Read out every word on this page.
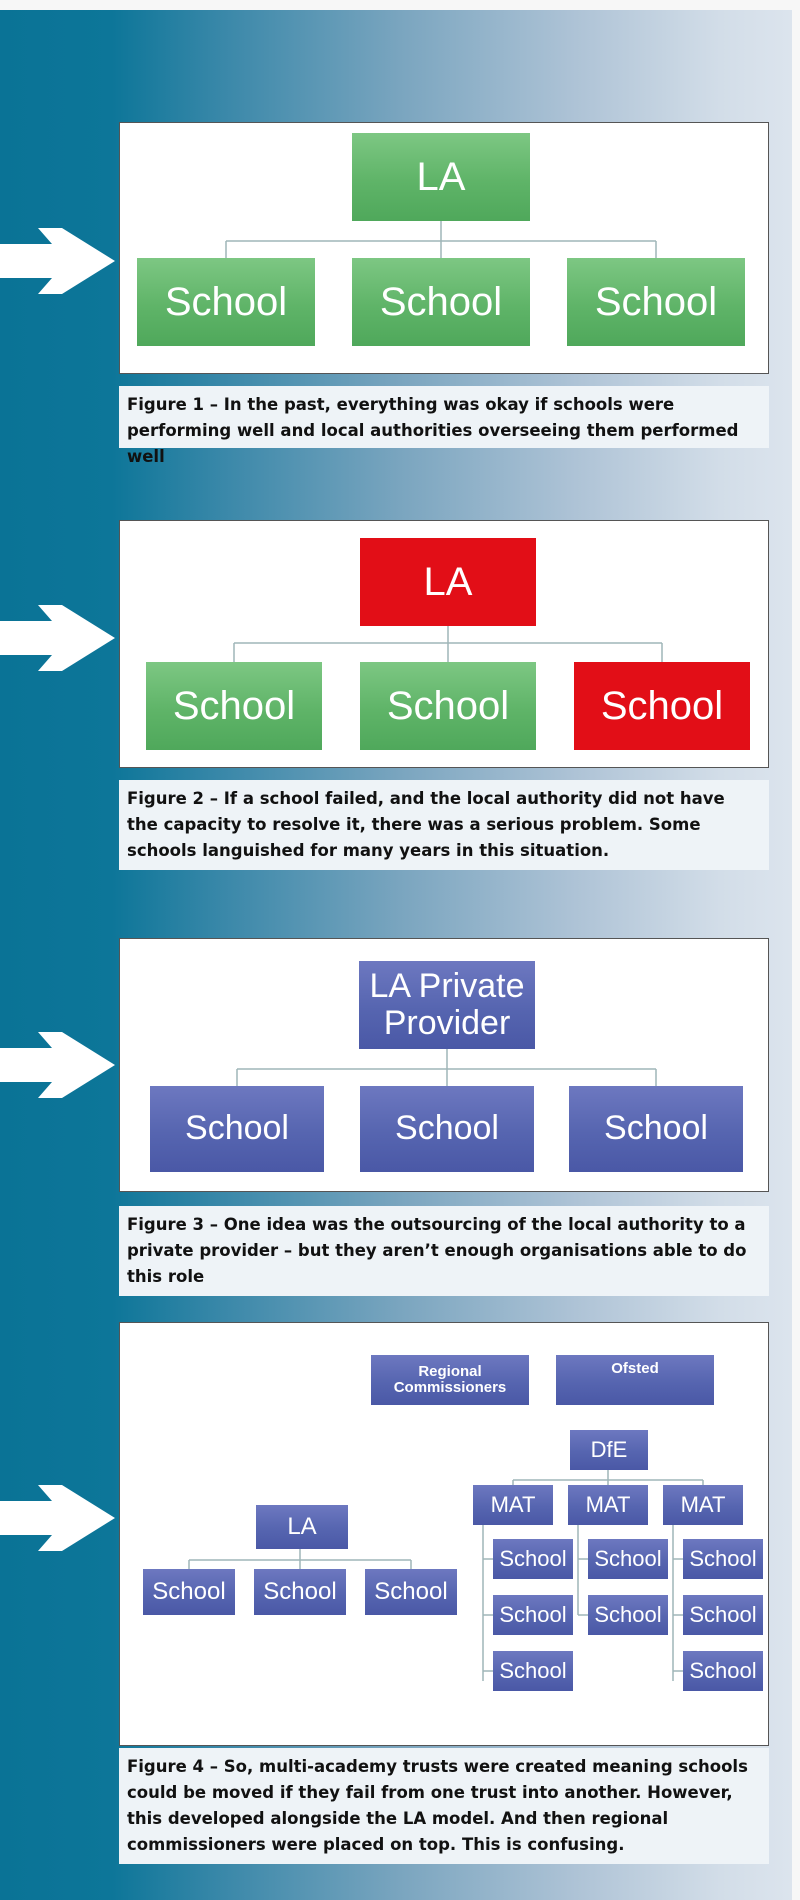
LA
School	School	School
Figure 1 – In the past, everything was okay if schools were performing well and local authorities overseeing them performed well
LA
School	School	School
Figure 2 – If a school failed, and the local authority did not have the capacity to resolve it, there was a serious problem. Some schools languished for many years in this situation.
LA Private Provider
School	School	School
Figure 3 – One idea was the outsourcing of the local authority to a private provider – but they aren’t enough organisations able to do this role
Regional Commissioners
Ofsted
DfE
MAT	MAT	MAT
LA
School	School	School
School
School
School
School
School
School
School
School
Figure 4 – So, multi-academy trusts were created meaning schools could be moved if they fail from one trust into another. However, this developed alongside the LA model. And then regional commissioners were placed on top. This is confusing.
